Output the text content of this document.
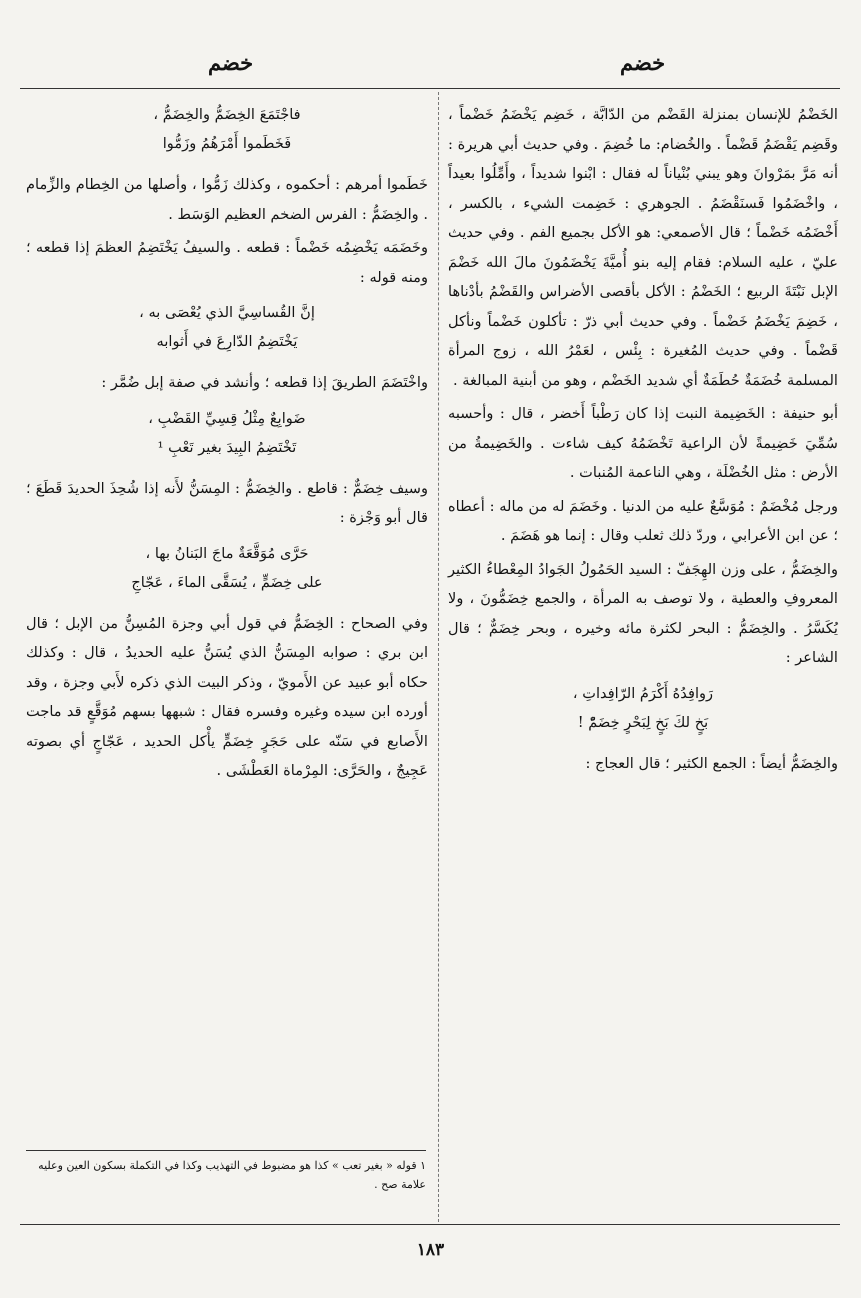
خضم	خضم

الخَضْمُ للإنسان بمنزلة القَضْم من الدّابَّة ، خَضِم يَخْضَمُ خَضْماً ، وقَضِم يَقْضَمُ قَضْماً . والخُضام: ما خُضِمَ . وفي حديث أبي هريرة : أنه مَرَّ بمَرْوانَ وهو يبني بُنْياناً له فقال : ابْنوا شديداً ، وأَمِّلُوا بعيداً ، واخْضَمُوا فَسنَقْضَمُ . الجوهري : خَضِمت الشيء ، بالكسر ، أَخْضَمُه خَضْماً ؛ قال الأصمعي: هو الأكل بجميع الفم . وفي حديث عليّ ، عليه السلام: فقام إليه بنو أُميَّةَ يَخْضَمُونَ مالَ الله خَضْمَ الإبل نَبْتَةَ الربيع ؛ الخَضْمُ : الأكل بأقصى الأضراس والقَضْمُ بأدْناها ، خَضِمَ يَخْضَمُ خَضْماً . وفي حديث أبي ذرّ : تأكلون خَضْماً ونأكل قَضْماً . وفي حديث المُغيرة : بِئْس ، لعَمْرُ الله ، زوج المرأة المسلمة خُضَمَةٌ حُطَمَةٌ أي شديد الخَضْم ، وهو من أبنية المبالغة .

أبو حنيفة : الخَضِيمة النبت إذا كان رَطْباً أَخضر ، قال : وأحسبه سُمِّيَ خَضِيمةً لأن الراعية تَخْضَمُهُ كيف شاءت . والخَضِيمةُ من الأرض : مثل الخُضْلَة ، وهي الناعمة المُنبات .

ورجل مُخْضَمٌ : مُوَسَّعٌ عليه من الدنيا . وخَضَمَ له من ماله : أعطاه ؛ عن ابن الأعرابي ، وردّ ذلك ثعلب وقال : إنما هو هَضَمَ .

والخِضَمُّ ، على وزن الهِجَفّ : السيد الحَمُولُ الجَوادُ المِعْطاءُ الكثير المعروفِ والعطية ، ولا توصف به المرأة ، والجمع خِضَمُّونَ ، ولا يُكَسَّرُ . والخِضَمُّ : البحر لكثرة مائه وخيره ، وبحر خِضَمٌّ ؛ قال الشاعر :

رَوافِدُهُ أَكْرَمُ الرّافِداتِ ،
بَخٍ لكَ بَخٍ لِبَحْرٍ خِضَمّْ !

والخِضَمُّ أيضاً : الجمع الكثير ؛ قال العجاج :

فاجْتَمَعَ الخِضَمُّ والخِضَمُّ ،
فَخَطَموا أَمْرَهُمُ وزَمُّوا

خَطَموا أمرهم : أحكموه ، وكذلك زَمُّوا ، وأصلها من الخِطام والزِّمام . والخِضَمُّ : الفرس الضخم العظيم الوَسَط .

وخَضَمَه يَخْضِمُه خَضْماً : قطعه . والسيفُ يَخْتَضِمُ العظمَ إذا قطعه ؛ ومنه قوله :

إنَّ القُساسِيَّ الذي يُعْصَى به ،
يَخْتَضِمُ الدّارِعَ في أَثوابه

واخْتَضَمَ الطريقَ إذا قطعه ؛ وأنشد في صفة إبل ضُمَّر :

ضَوابِعٌ مِثْلُ قِسِيِّ القَضْبِ ،
تَخْتَضِمُ البِيدَ بغير تَعْبِ ¹

وسيف خِضَمٌّ : قاطع . والخِضَمُّ : المِسَنُّ لأَنه إذا شُحِذَ الحديدَ قَطَعَ ؛ قال أبو وَجْزة :

حَرَّى مُوَقَّعَةٌ ماجَ البَنانُ بها ،
على خِضَمٍّ ، يُسَقَّى الماءَ ، عَجّاجِ

وفي الصحاح : الخِضَمُّ في قول أبي وجزة المُسِنُّ من الإبل ؛ قال ابن بري : صوابه المِسَنُّ الذي يُسَنُّ عليه الحديدُ ، قال : وكذلك حكاه أبو عبيد عن الأَمويّ ، وذكر البيت الذي ذكره لأَبي وجزة ، وقد أورده ابن سيده وغيره وفسره فقال : شبهها بسهم مُوَقَّعٍ قد ماجت الأَصابع في سَنّه على حَجَرٍ خِضَمٍّ يأْكل الحديد ، عَجّاجٍ أي بصوته عَجِيجٌ ، والحَرَّى: المِرْماة العَطْشَى .

١ قوله « بغير تعب » كذا هو مضبوط في التهذيب وكذا في التكملة بسكون العين وعليه علامة صح .
١٨٣
